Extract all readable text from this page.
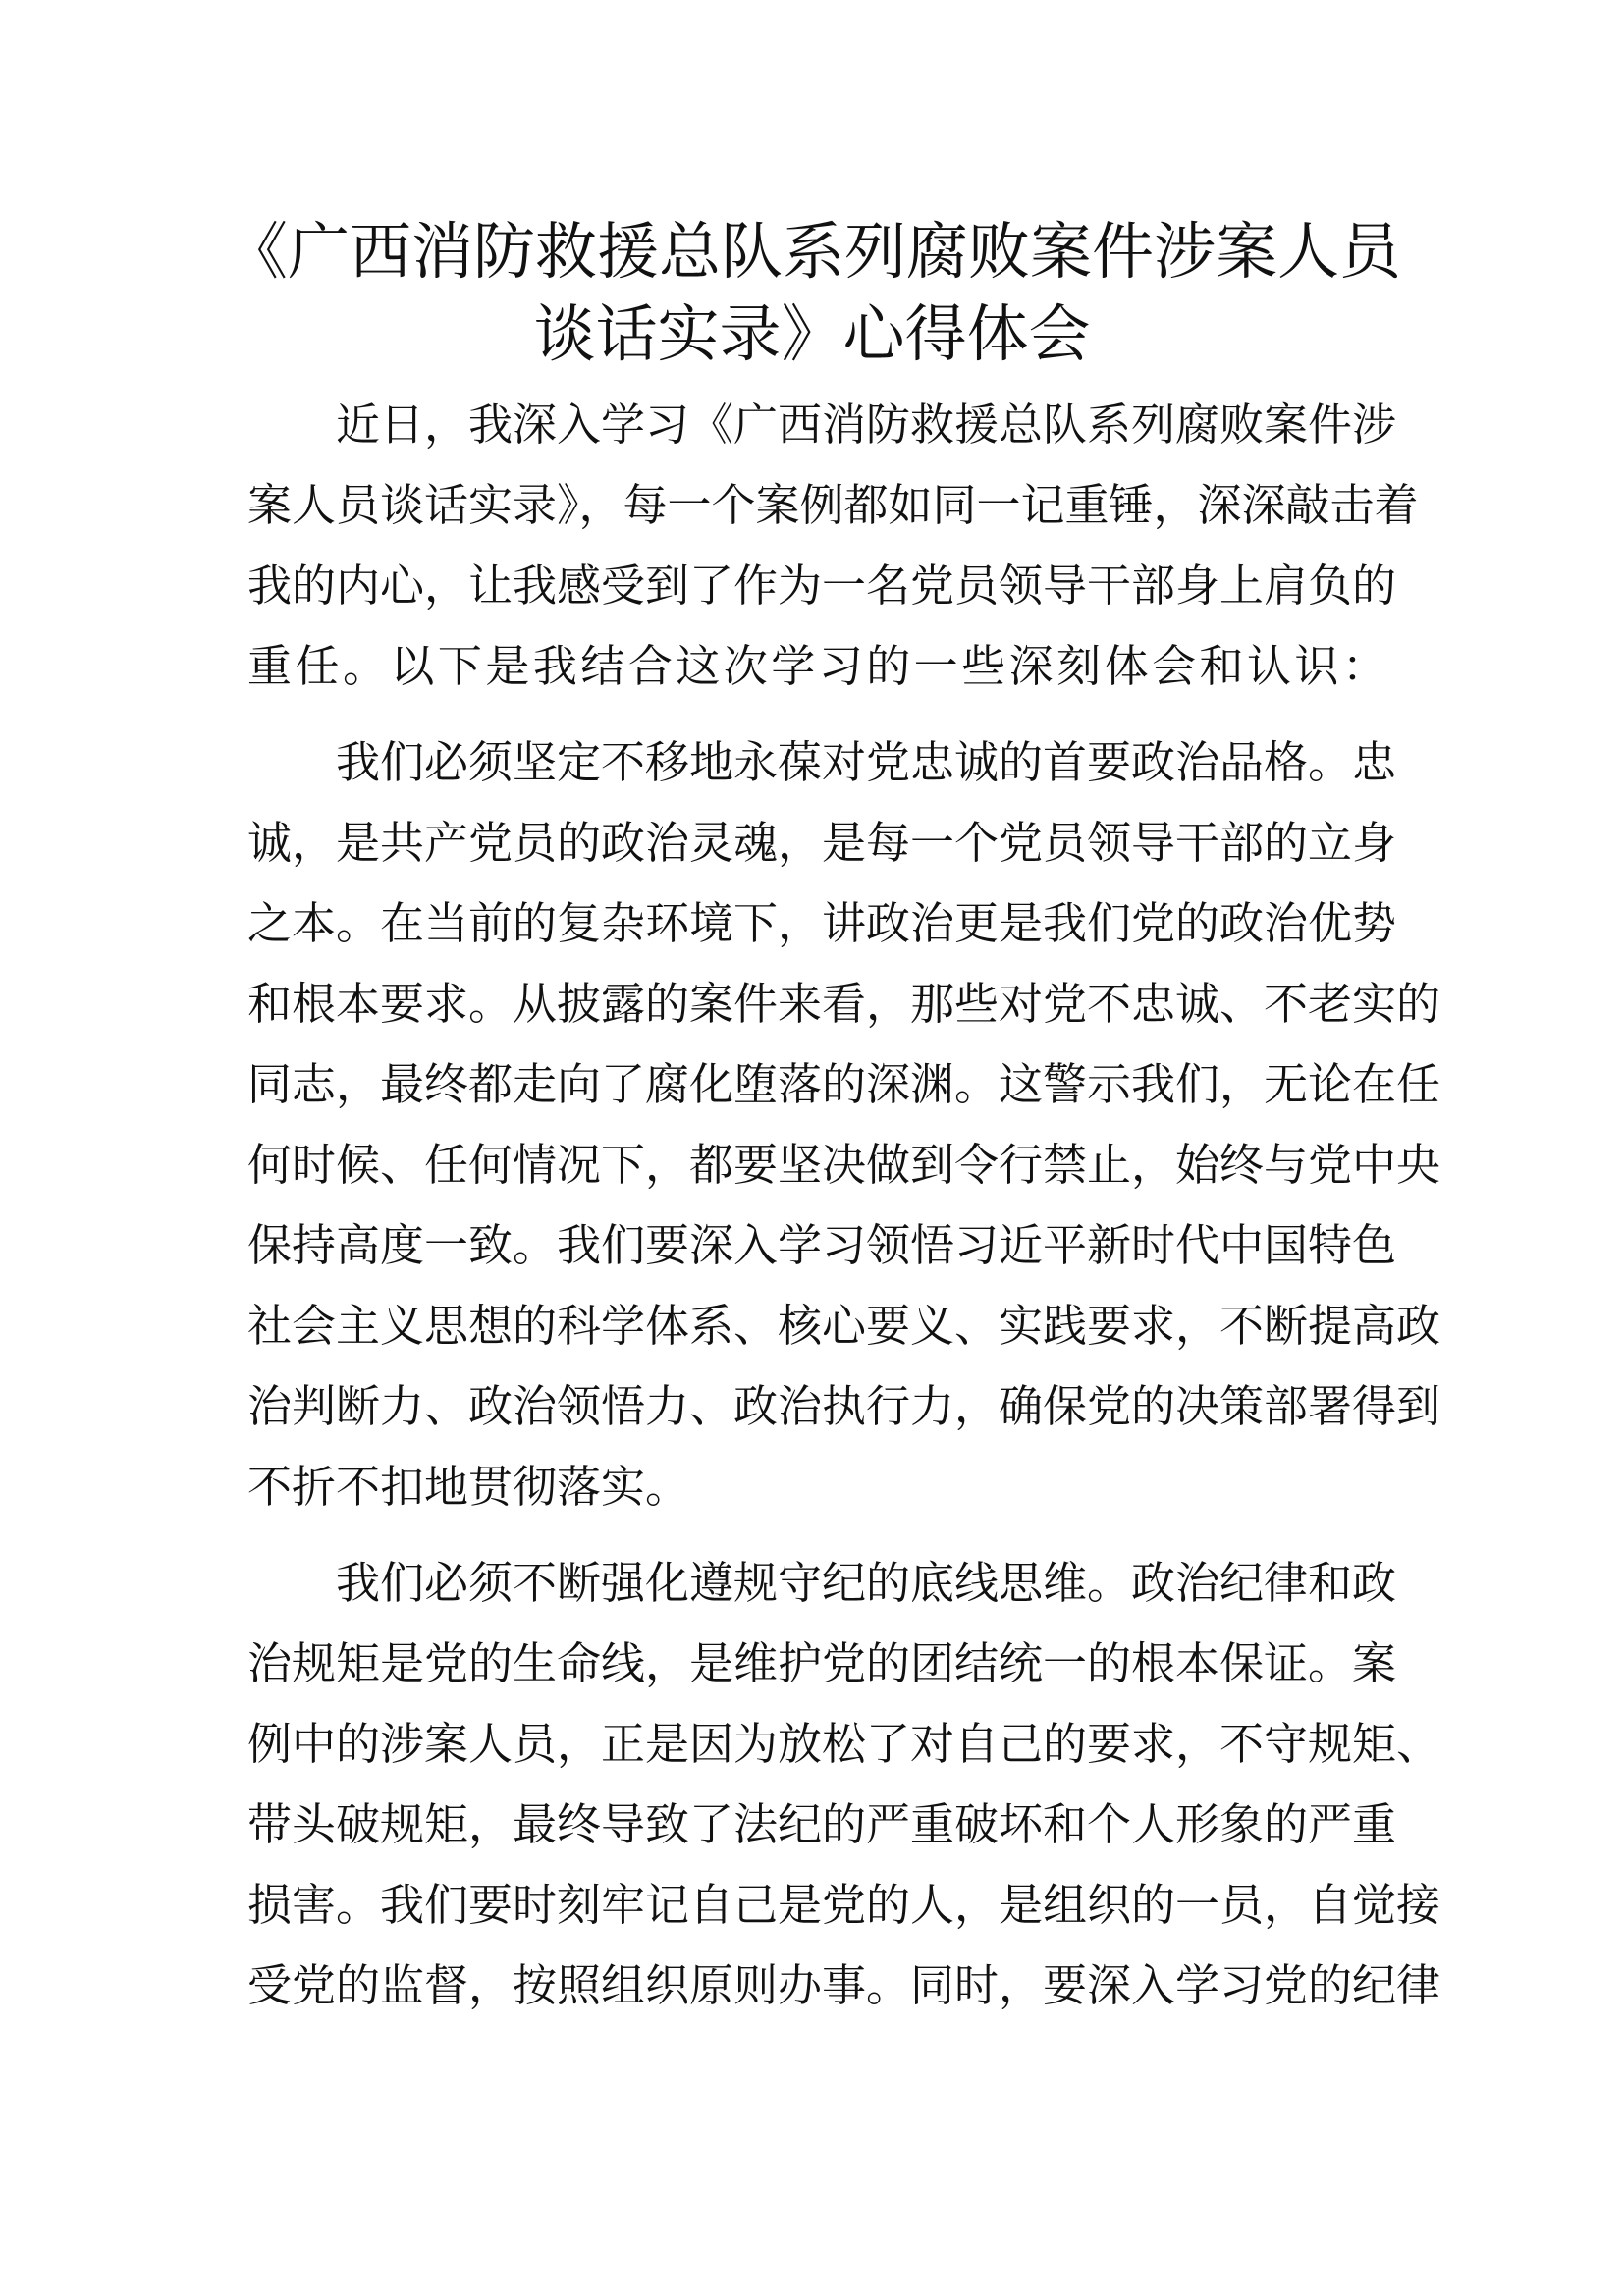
《广西消防救援总队系列腐败案件涉案人员
谈话实录》心得体会
近日，我深入学习《广西消防救援总队系列腐败案件涉
案人员谈话实录》，每一个案例都如同一记重锤，深深敲击着
我的内心，让我感受到了作为一名党员领导干部身上肩负的
重任。以下是我结合这次学习的一些深刻体会和认识：
我们必须坚定不移地永葆对党忠诚的首要政治品格。忠
诚，是共产党员的政治灵魂，是每一个党员领导干部的立身
之本。在当前的复杂环境下，讲政治更是我们党的政治优势
和根本要求。从披露的案件来看，那些对党不忠诚、不老实的
同志，最终都走向了腐化堕落的深渊。这警示我们，无论在任
何时候、任何情况下，都要坚决做到令行禁止，始终与党中央
保持高度一致。我们要深入学习领悟习近平新时代中国特色
社会主义思想的科学体系、核心要义、实践要求，不断提高政
治判断力、政治领悟力、政治执行力，确保党的决策部署得到
不折不扣地贯彻落实。
我们必须不断强化遵规守纪的底线思维。政治纪律和政
治规矩是党的生命线，是维护党的团结统一的根本保证。案
例中的涉案人员，正是因为放松了对自己的要求，不守规矩、
带头破规矩，最终导致了法纪的严重破坏和个人形象的严重
损害。我们要时刻牢记自己是党的人，是组织的一员，自觉接
受党的监督，按照组织原则办事。同时，要深入学习党的纪律
